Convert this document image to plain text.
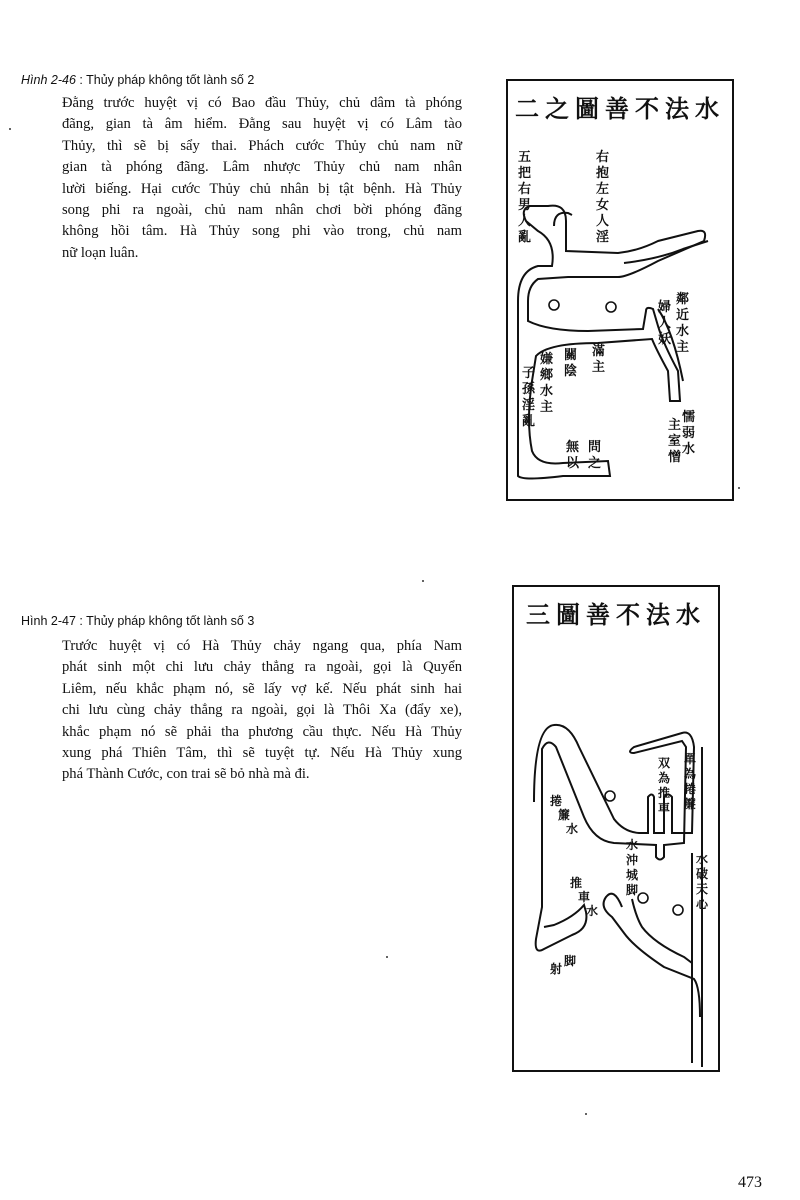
Hình 2-46 : Thủy pháp không tốt lành số 2
Đằng trước huyệt vị có Bao đầu Thủy, chủ dâm tà phóng
đãng, gian tà âm hiểm. Đằng sau huyệt vị có Lâm tào
Thủy, thì sẽ bị sẩy thai. Phách cước Thủy chủ nam nữ
gian tà phóng đãng. Lâm nhược Thủy chủ nam nhân
lười biếng. Hại cước Thủy chủ nhân bị tật bệnh. Hà Thủy
song phi ra ngoài, chủ nam nhân chơi bời phóng đãng
không hồi tâm. Hà Thủy song phi vào trong, chủ nam
nữ loạn luân.
二之圖善不法水
五
把
右
男
人
亂
右
抱
左
女
人
淫
鄰
近
水
主
婦
人
妖
關
陰
滿
主
嫌
鄉
水
主
子
孫
淫
亂	懦
弱
水
主
室
憎
無
以
問
之
Hình 2-47 : Thủy pháp không tốt lành số 3
Trước huyệt vị có Hà Thủy chảy ngang qua, phía Nam
phát sinh một chi lưu chảy thẳng ra ngoài, gọi là Quyển
Liêm, nếu khắc phạm nó, sẽ lấy vợ kế. Nếu phát sinh hai
chi lưu cùng chảy thẳng ra ngoài, gọi là Thôi Xa (đẩy xe),
khắc phạm nó sẽ phải tha phương cầu thực. Nếu Hà Thủy
xung phá Thiên Tâm, thì sẽ tuyệt tự. Nếu Hà Thủy xung
phá Thành Cước, con trai sẽ bỏ nhà mà đi.
三圖善不法水
單
為
捲
簾
双
為
推
車
水
破
天
心
水
沖
城
脚
捲
簾
水
推
車
水
射
脚
473
